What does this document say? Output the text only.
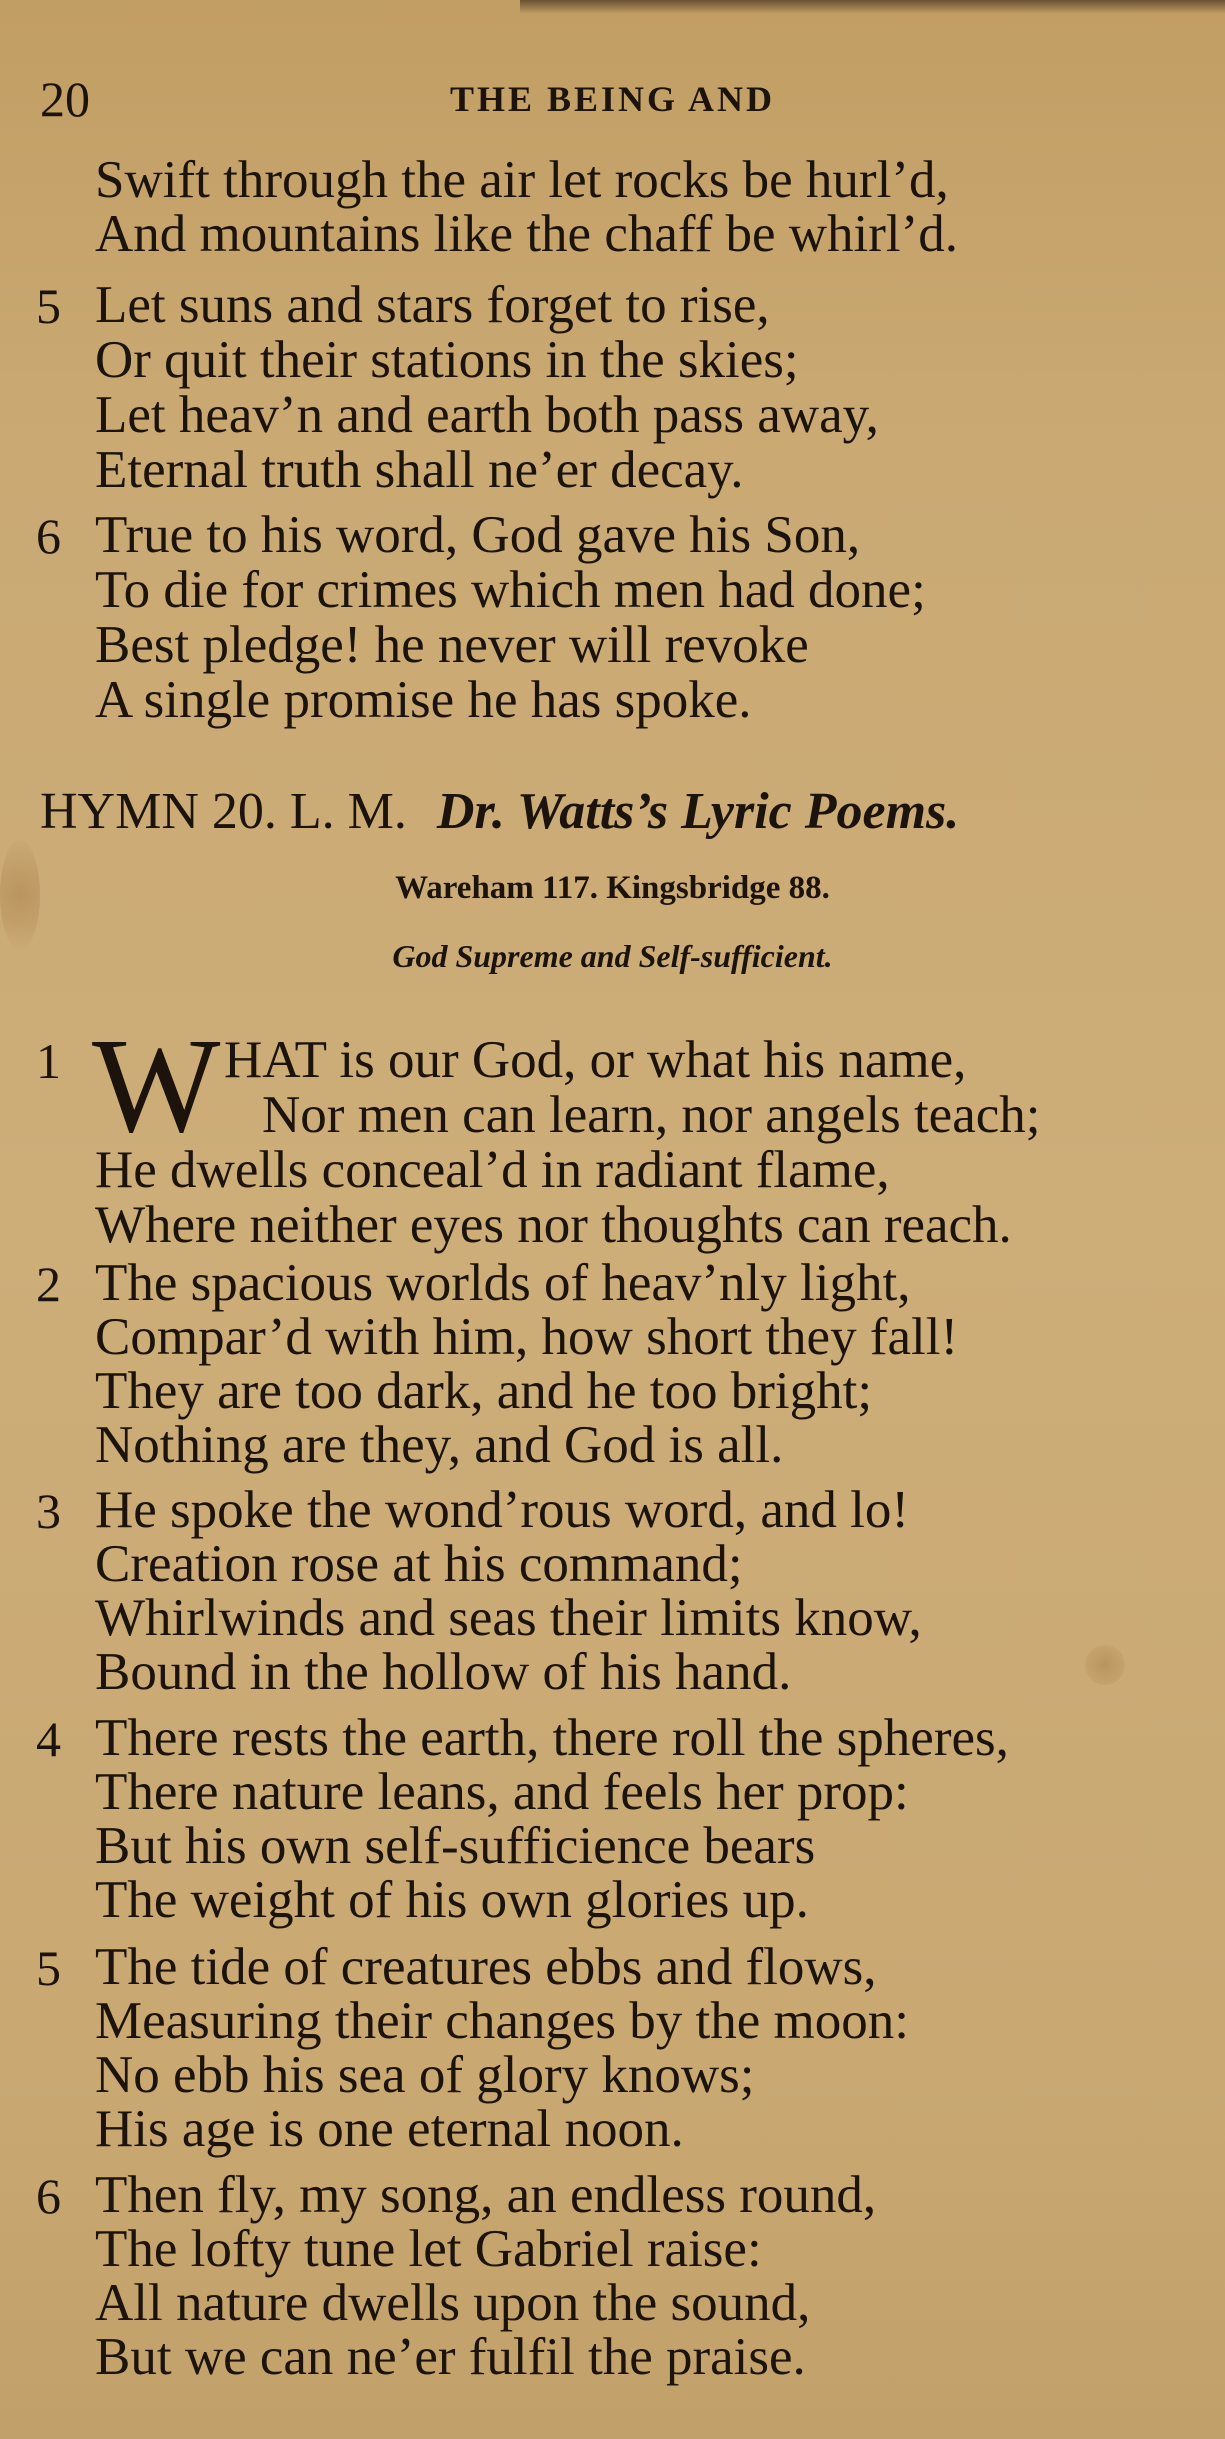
20	THE BEING AND
Swift through the air let rocks be hurl’d,
And mountains like the chaff be whirl’d.
5 Let suns and stars forget to rise,
Or quit their stations in the skies;
Let heav’n and earth both pass away,
Eternal truth shall ne’er decay.
6 True to his word, God gave his Son,
To die for crimes which men had done;
Best pledge! he never will revoke
A single promise he has spoke.
HYMN 20. L. M. Dr. Watts’s Lyric Poems.
Wareham 117. Kingsbridge 88.
God Supreme and Self-sufficient.
1	HAT is our God, or what his name,
Nor men can learn, nor angels teach;
He dwells conceal’d in radiant flame,
Where neither eyes nor thoughts can reach.
W
2 The spacious worlds of heav’nly light,
Compar’d with him, how short they fall!
They are too dark, and he too bright;
Nothing are they, and God is all.
3 He spoke the wond’rous word, and lo!
Creation rose at his command;
Whirlwinds and seas their limits know,
Bound in the hollow of his hand.
4 There rests the earth, there roll the spheres,
There nature leans, and feels her prop:
But his own self-sufficience bears
The weight of his own glories up.
5 The tide of creatures ebbs and flows,
Measuring their changes by the moon:
No ebb his sea of glory knows;
His age is one eternal noon.
6 Then fly, my song, an endless round,
The lofty tune let Gabriel raise:
All nature dwells upon the sound,
But we can ne’er fulfil the praise.
